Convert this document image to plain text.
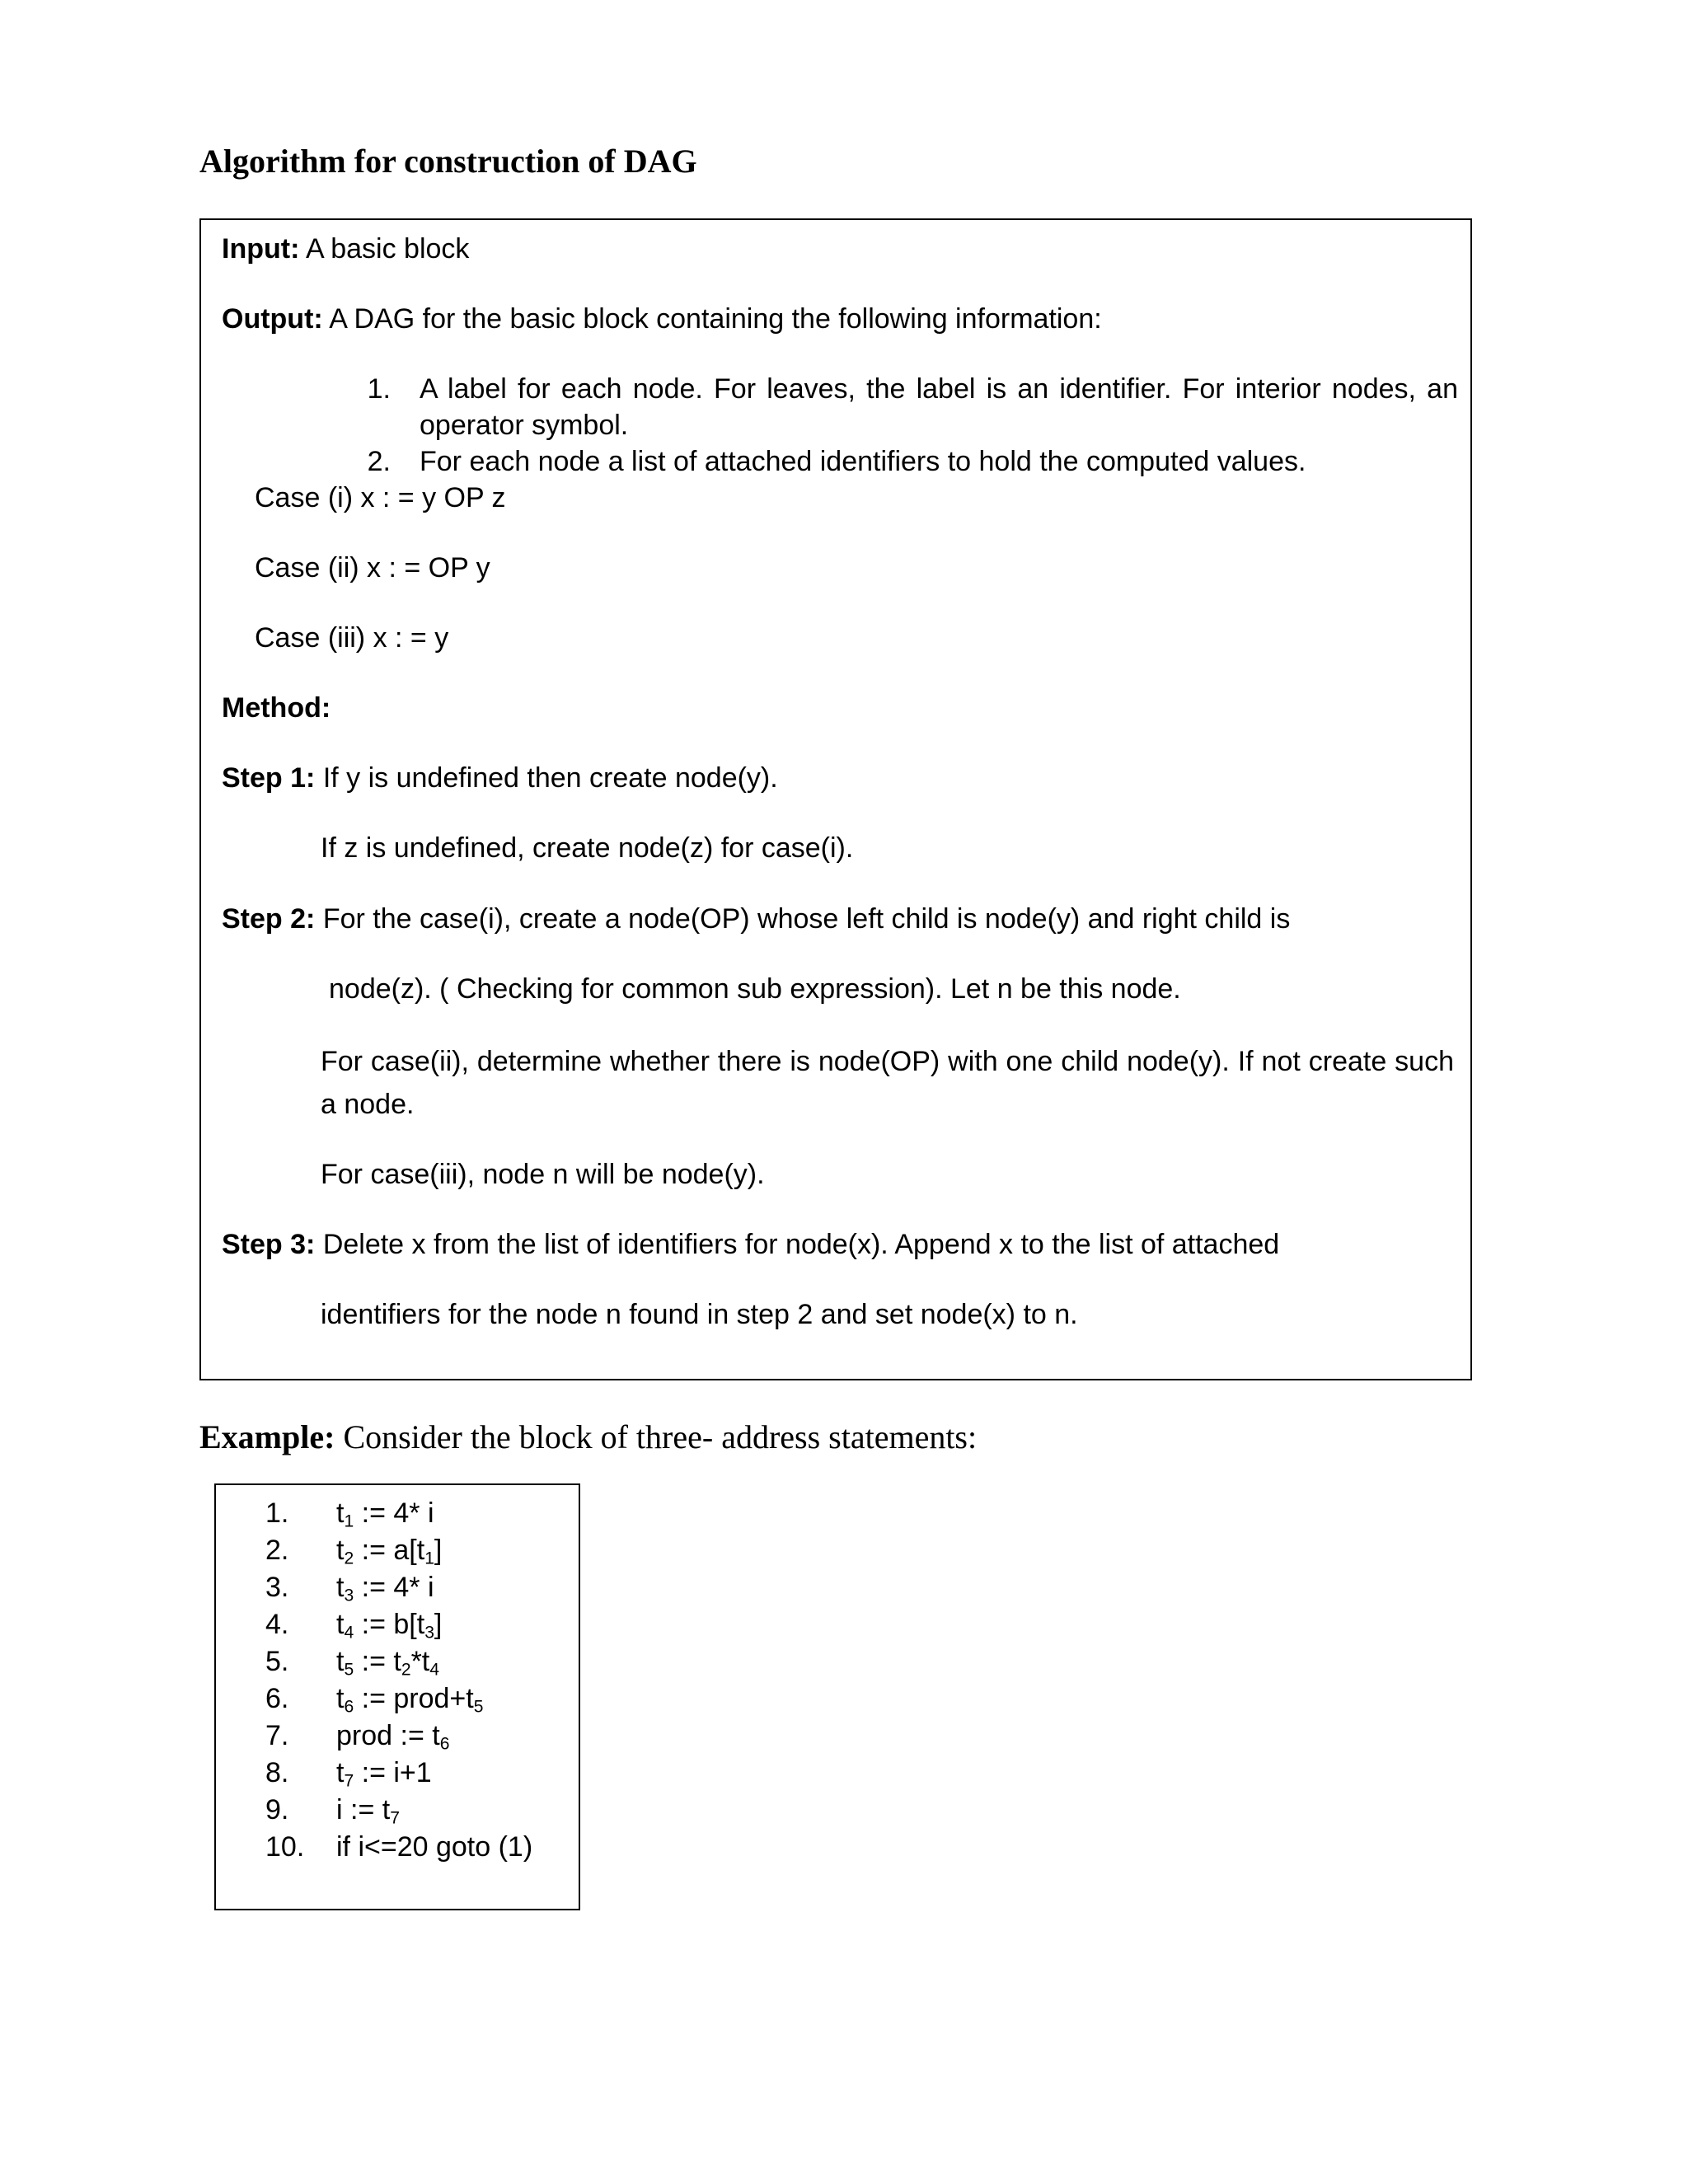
Algorithm for construction of DAG
Input: A basic block
Output: A DAG for the basic block containing the following information:
1. A label for each node. For leaves, the label is an identifier. For interior nodes, an operator symbol.
2. For each node a list of attached identifiers to hold the computed values.
Case (i) x : = y OP z
Case (ii) x : = OP y
Case (iii) x : = y
Method:
Step 1: If y is undefined then create node(y).
If z is undefined, create node(z) for case(i).
Step 2: For the case(i), create a node(OP) whose left child is node(y) and right child is
node(z). ( Checking for common sub expression). Let n be this node.
For case(ii), determine whether there is node(OP) with one child node(y). If not create such a node.
For case(iii), node n will be node(y).
Step 3: Delete x from the list of identifiers for node(x). Append x to the list of attached
identifiers for the node n found in step 2 and set node(x) to n.
Example: Consider the block of three- address statements:
1.	$t_1$ := 4* i
2.	$t_2$ := $a[t_1]$
3.	$t_3$ := 4* i
4.	$t_4$ := $b[t_3]$
5.	$t_5$ := $t_2*t_4$
6.	$t_6$ := $prod+t_5$
7.	prod := $t_6$
8.	$t_7$ := i+1
9.	i := $t_7$
10.	if i<=20 goto (1)
